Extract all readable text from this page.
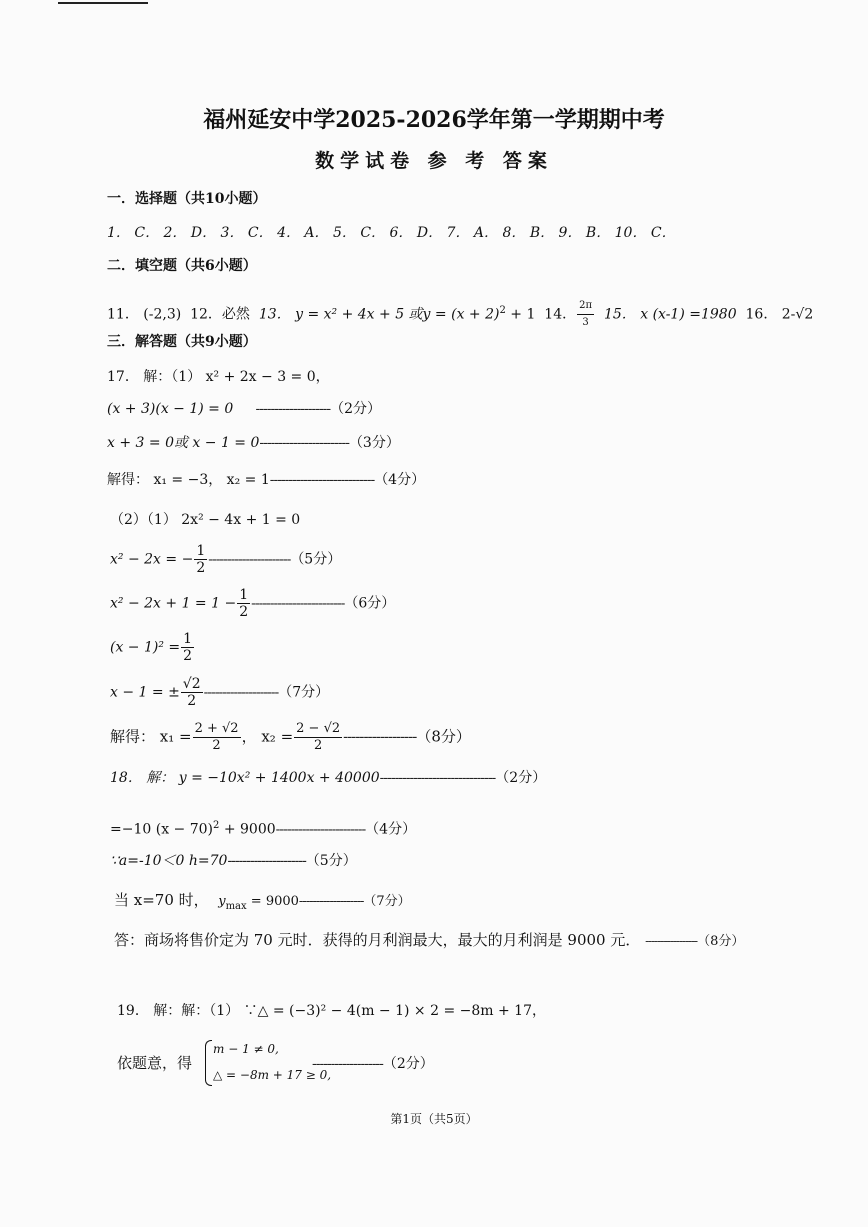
福州延安中学2025-2026学年第一学期期中考
数学试卷 参 考 答案
一．选择题（共10小题）
1． C． 2． D． 3． C． 4． A． 5． C． 6． D． 7． A． 8． B． 9． B． 10． C．
二．填空题（共6小题）
11． (-2,3) 12．必然 13． y = x² + 4x + 5 或$y = (x + 2)^2 + 1$ 14． $\frac{2\pi}{3} 15$． x (x-1) =1980 16． 2-√2
三．解答题（共9小题）
17． 解：（1） x² + 2x − 3 = 0，
(x + 3)(x − 1) = 0 --------------------（2分）
x + 3 = 0或 x − 1 = 0------------------------（3分）
解得： x₁ = −3， x₂ = 1----------------------------（4分）
（2）（1） 2x² − 4x + 1 = 0
x² − 2x = − $\frac{1}{2} ----------------------(5$分）
$x^2 - 2x + 1 = 1 - \frac{1}{2} -------------------------(6$分）
$(x - 1)^2 = \frac{1}{2}$
x − 1 = ± $\frac{√2}{2} --------------------(7$分）
解得： $x_1 = \frac{2 + √2}{2}$ ， $x_2 = \frac{2 - √2}{2} ------------------(8$分）
18． 解： y = −10x² + 1400x + 40000-------------------------------（2分）
=−10 $(x - 70)^2 + 9000------------------------(4$分）
∵a=-10＜0 h=70---------------------（5分）
当 x=70 时， $y_{max} = 9000-------------------(7$分）
答：商场将售价定为 70 元时．获得的月利润最大，最大的月利润是 9000 元． -----------------（8分）
19． 解：解：（1） ∵△ = (−3)² − 4(m − 1) × 2 = −8m + 17，
依题意，得
m − 1 ≠ 0,
△ = −8m + 17 ≥ 0,
-------------------（2分）
第1页（共5页）
